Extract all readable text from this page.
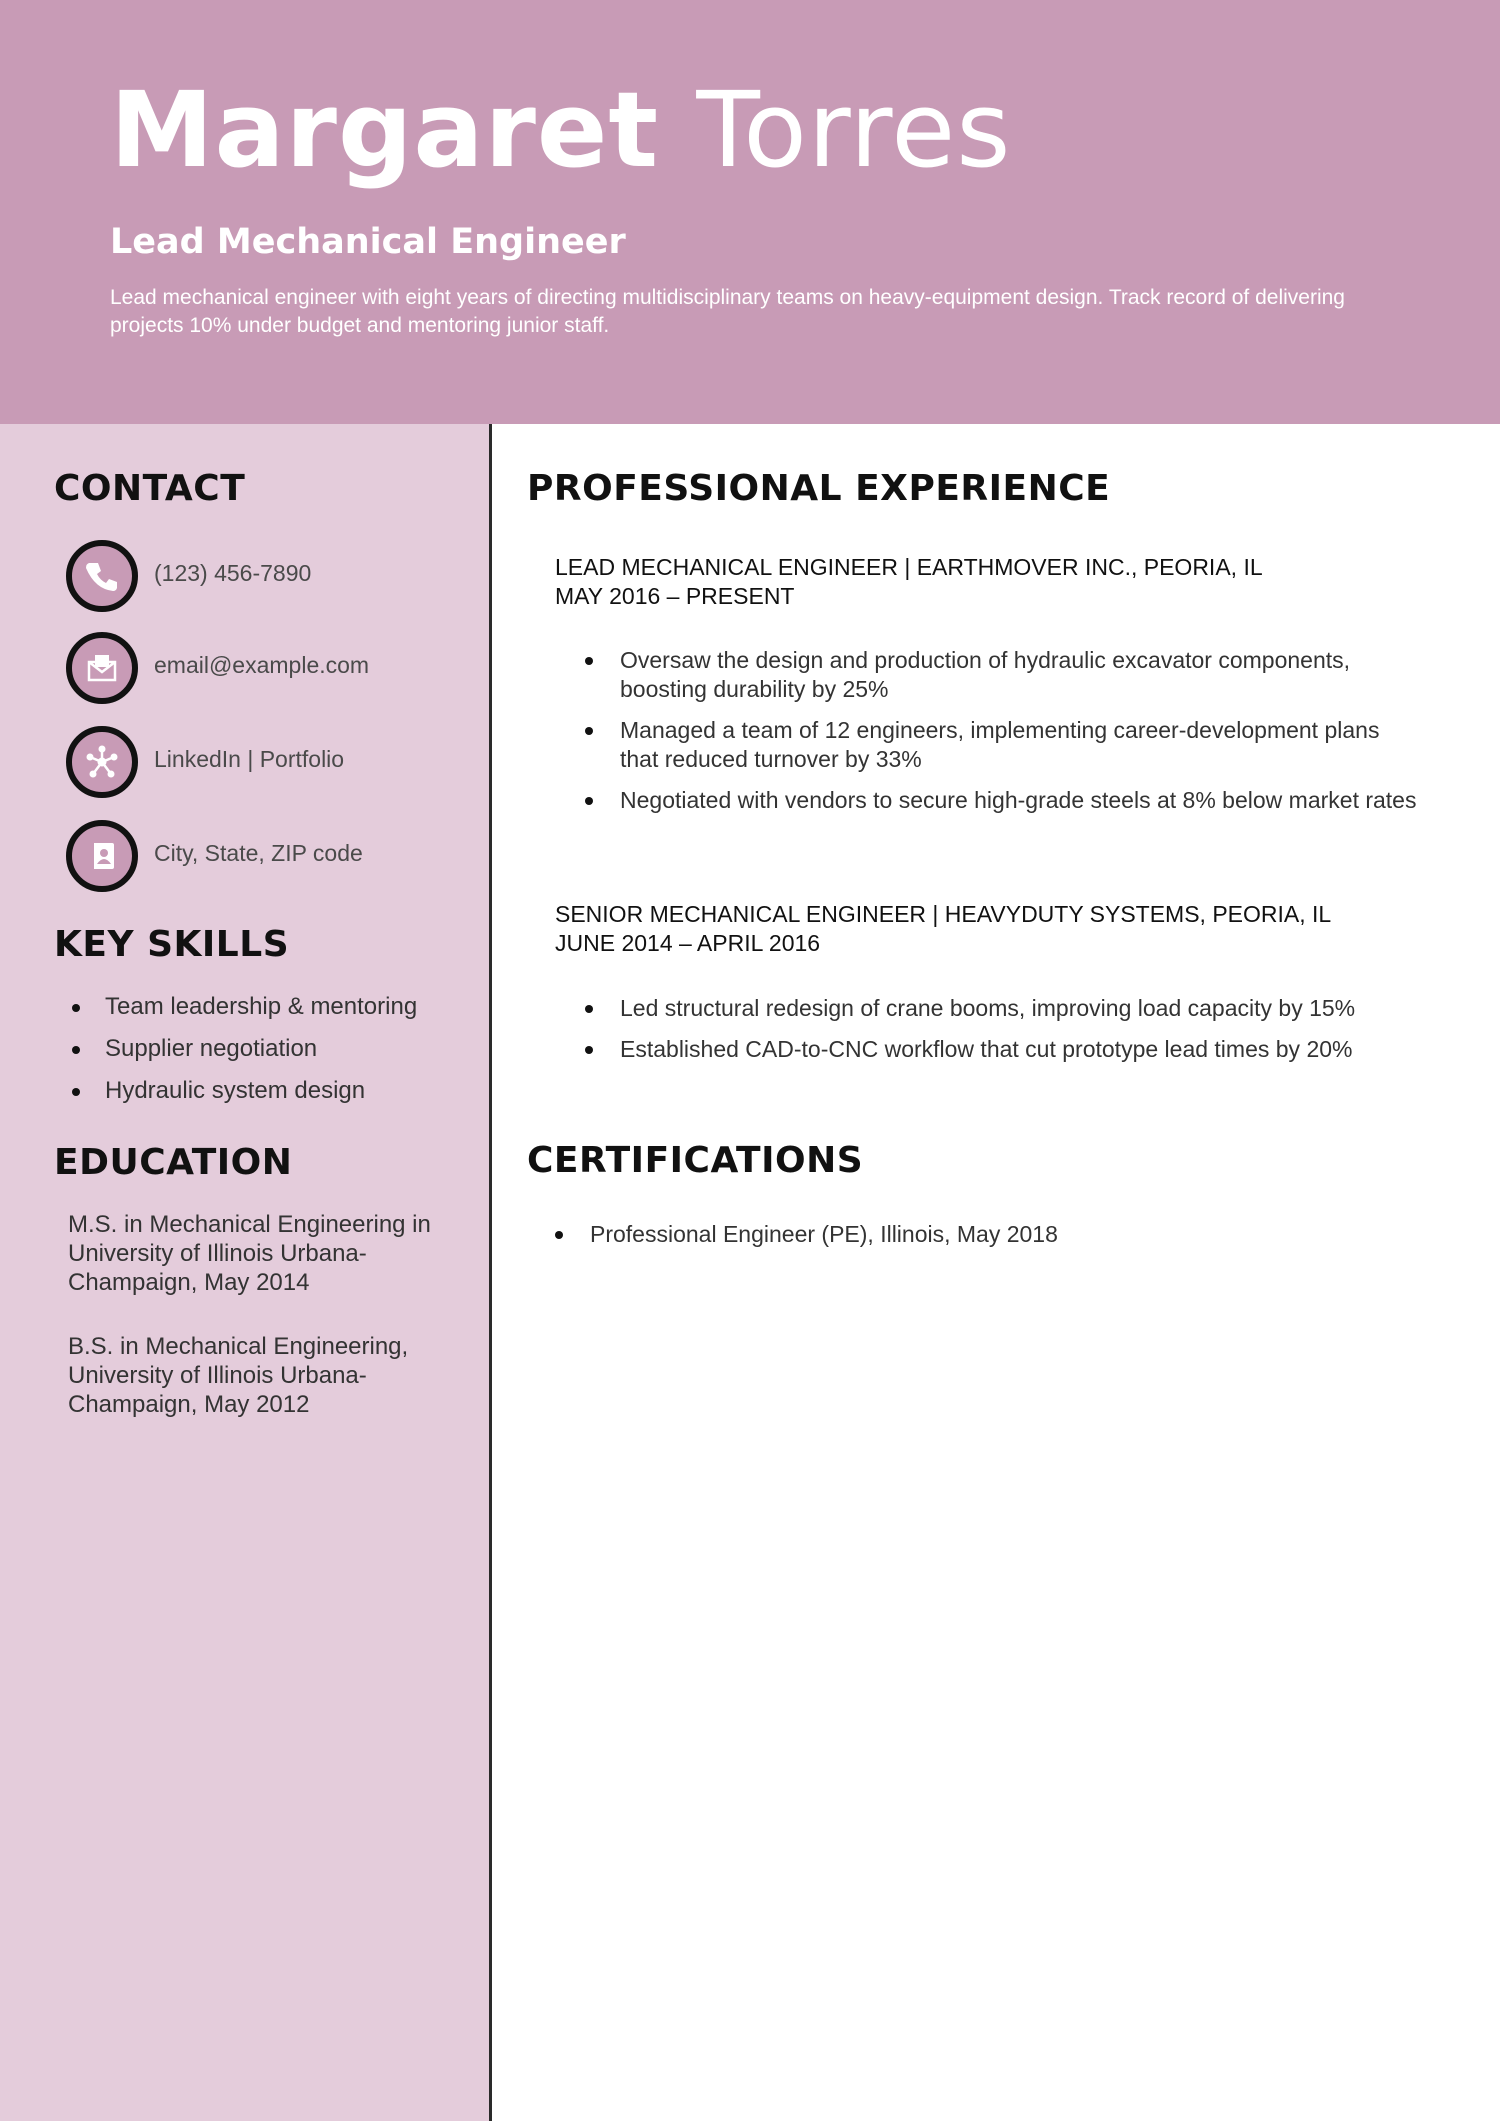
Margaret Torres
Lead Mechanical Engineer

Lead mechanical engineer with eight years of directing multidisciplinary teams on heavy-equipment design. Track record of delivering projects 10% under budget and mentoring junior staff.

CONTACT
(123) 456-7890
email@example.com
LinkedIn | Portfolio
City, State, ZIP code
KEY SKILLS
Team leadership & mentoring
Supplier negotiation
Hydraulic system design
EDUCATION

M.S. in Mechanical Engineering in University of Illinois Urbana-Champaign, May 2014

B.S. in Mechanical Engineering, University of Illinois Urbana-Champaign, May 2012

PROFESSIONAL EXPERIENCE
LEAD MECHANICAL ENGINEER | EARTHMOVER INC., PEORIA, IL
MAY 2016 – PRESENT
Oversaw the design and production of hydraulic excavator components, boosting durability by 25%
Managed a team of 12 engineers, implementing career-development plans that reduced turnover by 33%
Negotiated with vendors to secure high-grade steels at 8% below market rates
SENIOR MECHANICAL ENGINEER | HEAVYDUTY SYSTEMS, PEORIA, IL
JUNE 2014 – APRIL 2016
Led structural redesign of crane booms, improving load capacity by 15%
Established CAD-to-CNC workflow that cut prototype lead times by 20%
CERTIFICATIONS
Professional Engineer (PE), Illinois, May 2018
